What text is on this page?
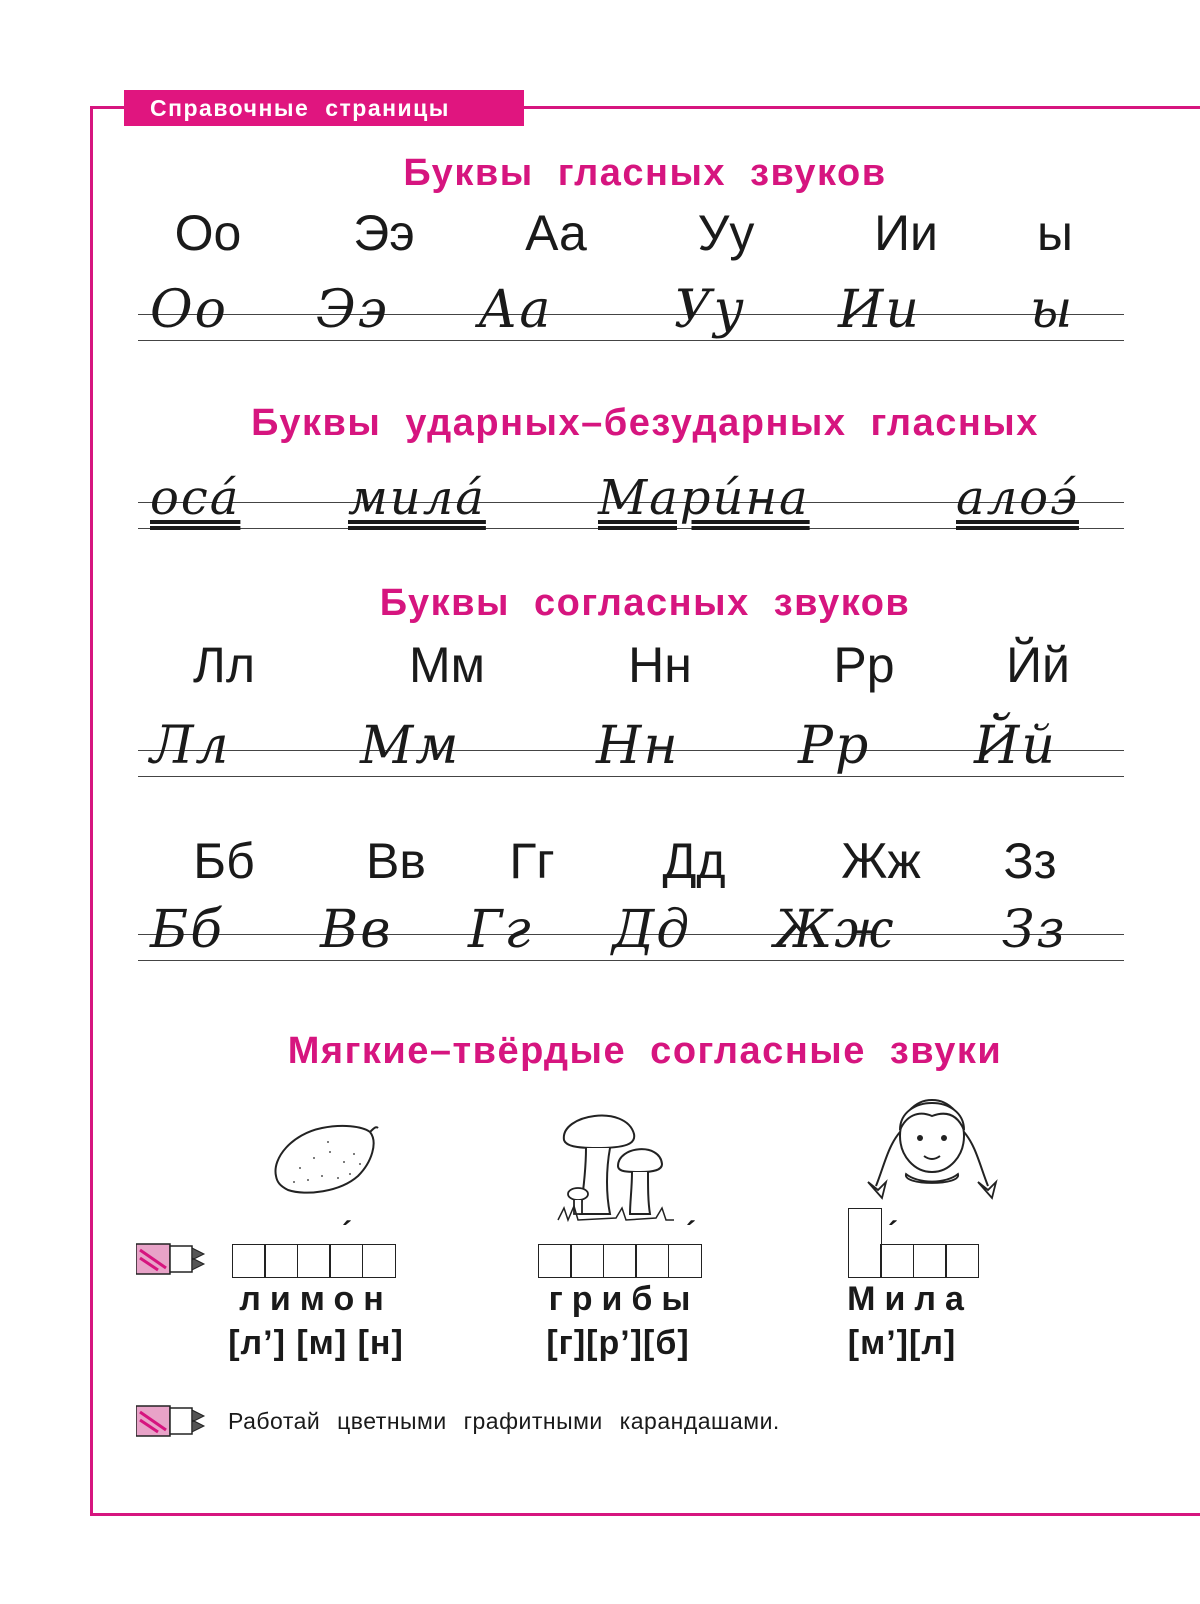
Справочные страницы
Буквы гласных звуков
Оо	Ээ	Аа	Уу	Ии	ы
Оо Ээ Аа Уу Ии ы
Буквы ударных–безударных гласных
оса́ мила́ Мари́на	алоэ́
Буквы согласных звуков
Лл	Мм	Нн	Рр	Йй
Лл Мм	Нн Рр Йй
Бб	Вв	Гг	Дд	Жж	Зз
Бб Вв Гг Дд Жж Зз
Мягкие–твёрдые согласные звуки
´	´	´
лимон	грибы	Мила
[л’] [м] [н]	[г][р’][б]	[м’][л]
Работай цветными графитными карандашами.
